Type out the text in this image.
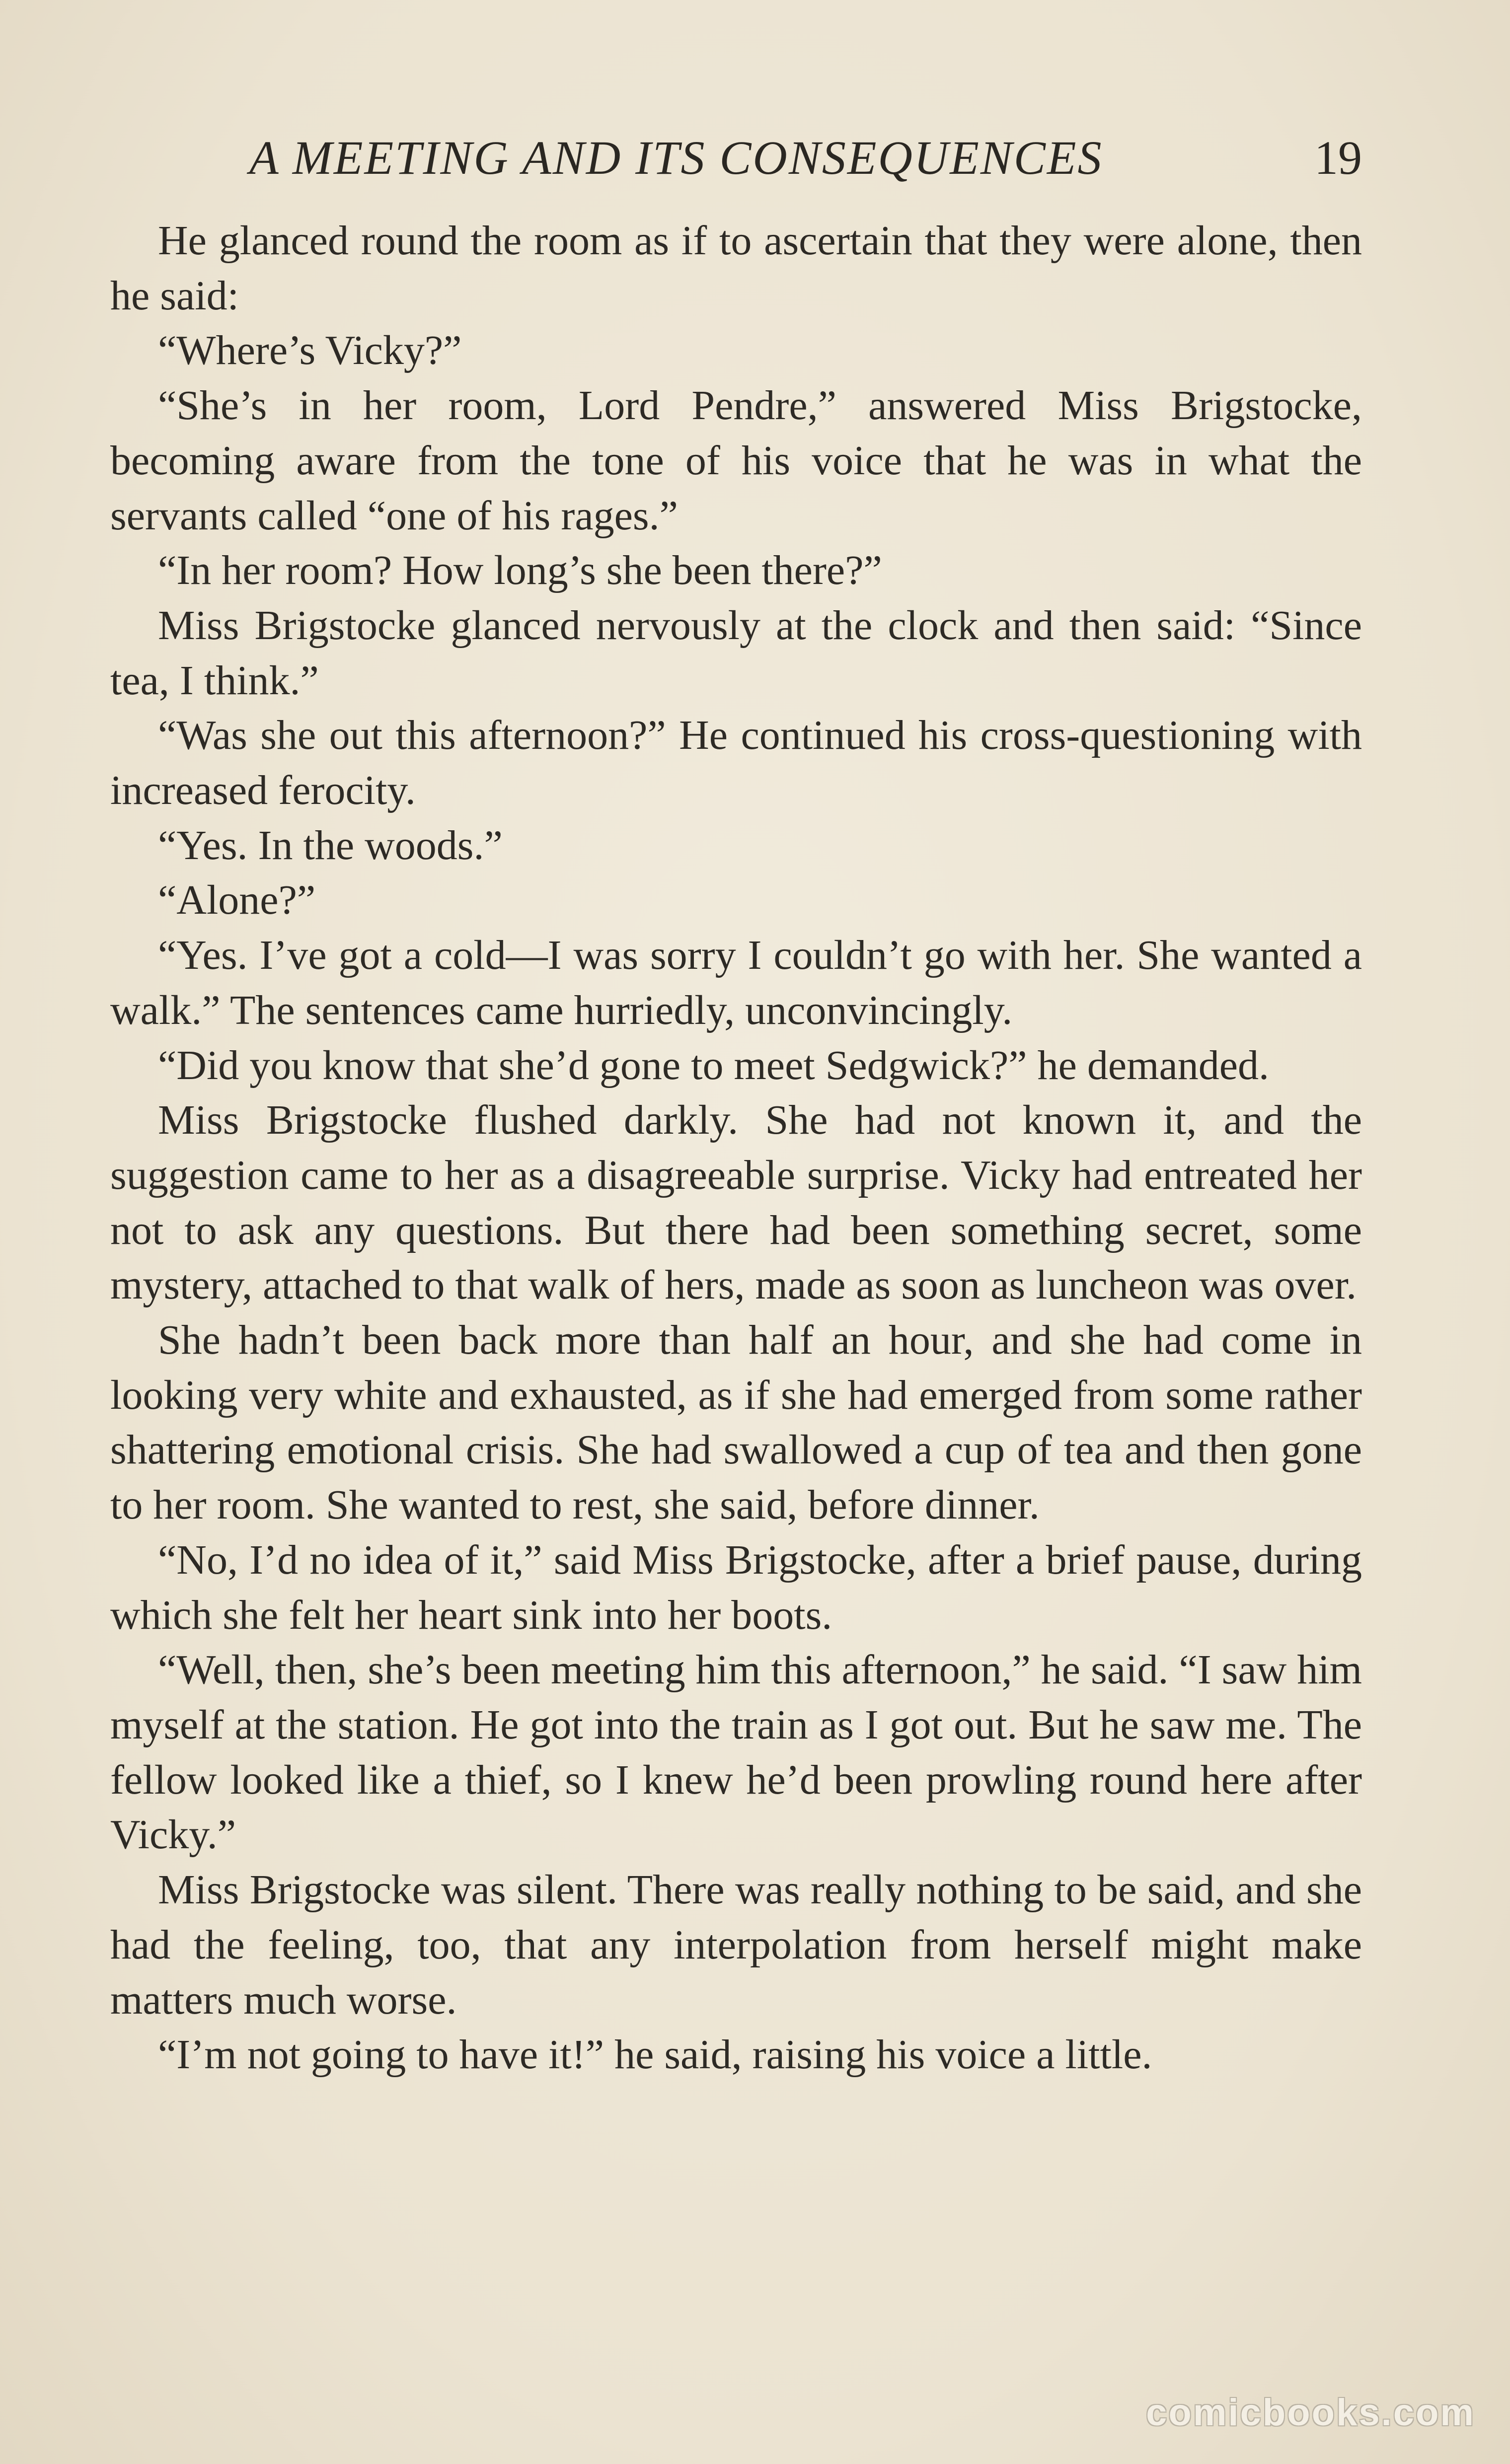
A MEETING AND ITS CONSEQUENCES	19

He glanced round the room as if to ascertain that they were alone, then he said:

“Where’s Vicky?”

“She’s in her room, Lord Pendre,” answered Miss Brigstocke, becoming aware from the tone of his voice that he was in what the servants called “one of his rages.”

“In her room? How long’s she been there?”

Miss Brigstocke glanced nervously at the clock and then said: “Since tea, I think.”

“Was she out this afternoon?” He continued his cross-questioning with increased ferocity.

“Yes. In the woods.”

“Alone?”

“Yes. I’ve got a cold—I was sorry I couldn’t go with her. She wanted a walk.” The sentences came hurriedly, unconvincingly.

“Did you know that she’d gone to meet Sedgwick?” he demanded.

Miss Brigstocke flushed darkly. She had not known it, and the suggestion came to her as a disagreeable surprise. Vicky had entreated her not to ask any questions. But there had been something secret, some mystery, attached to that walk of hers, made as soon as luncheon was over.

She hadn’t been back more than half an hour, and she had come in looking very white and exhausted, as if she had emerged from some rather shattering emotional crisis. She had swallowed a cup of tea and then gone to her room. She wanted to rest, she said, before dinner.

“No, I’d no idea of it,” said Miss Brigstocke, after a brief pause, during which she felt her heart sink into her boots.

“Well, then, she’s been meeting him this afternoon,” he said. “I saw him myself at the station. He got into the train as I got out. But he saw me. The fellow looked like a thief, so I knew he’d been prowling round here after Vicky.”

Miss Brigstocke was silent. There was really nothing to be said, and she had the feeling, too, that any interpolation from herself might make matters much worse.

“I’m not going to have it!” he said, raising his voice a little.

comicbooks.com
